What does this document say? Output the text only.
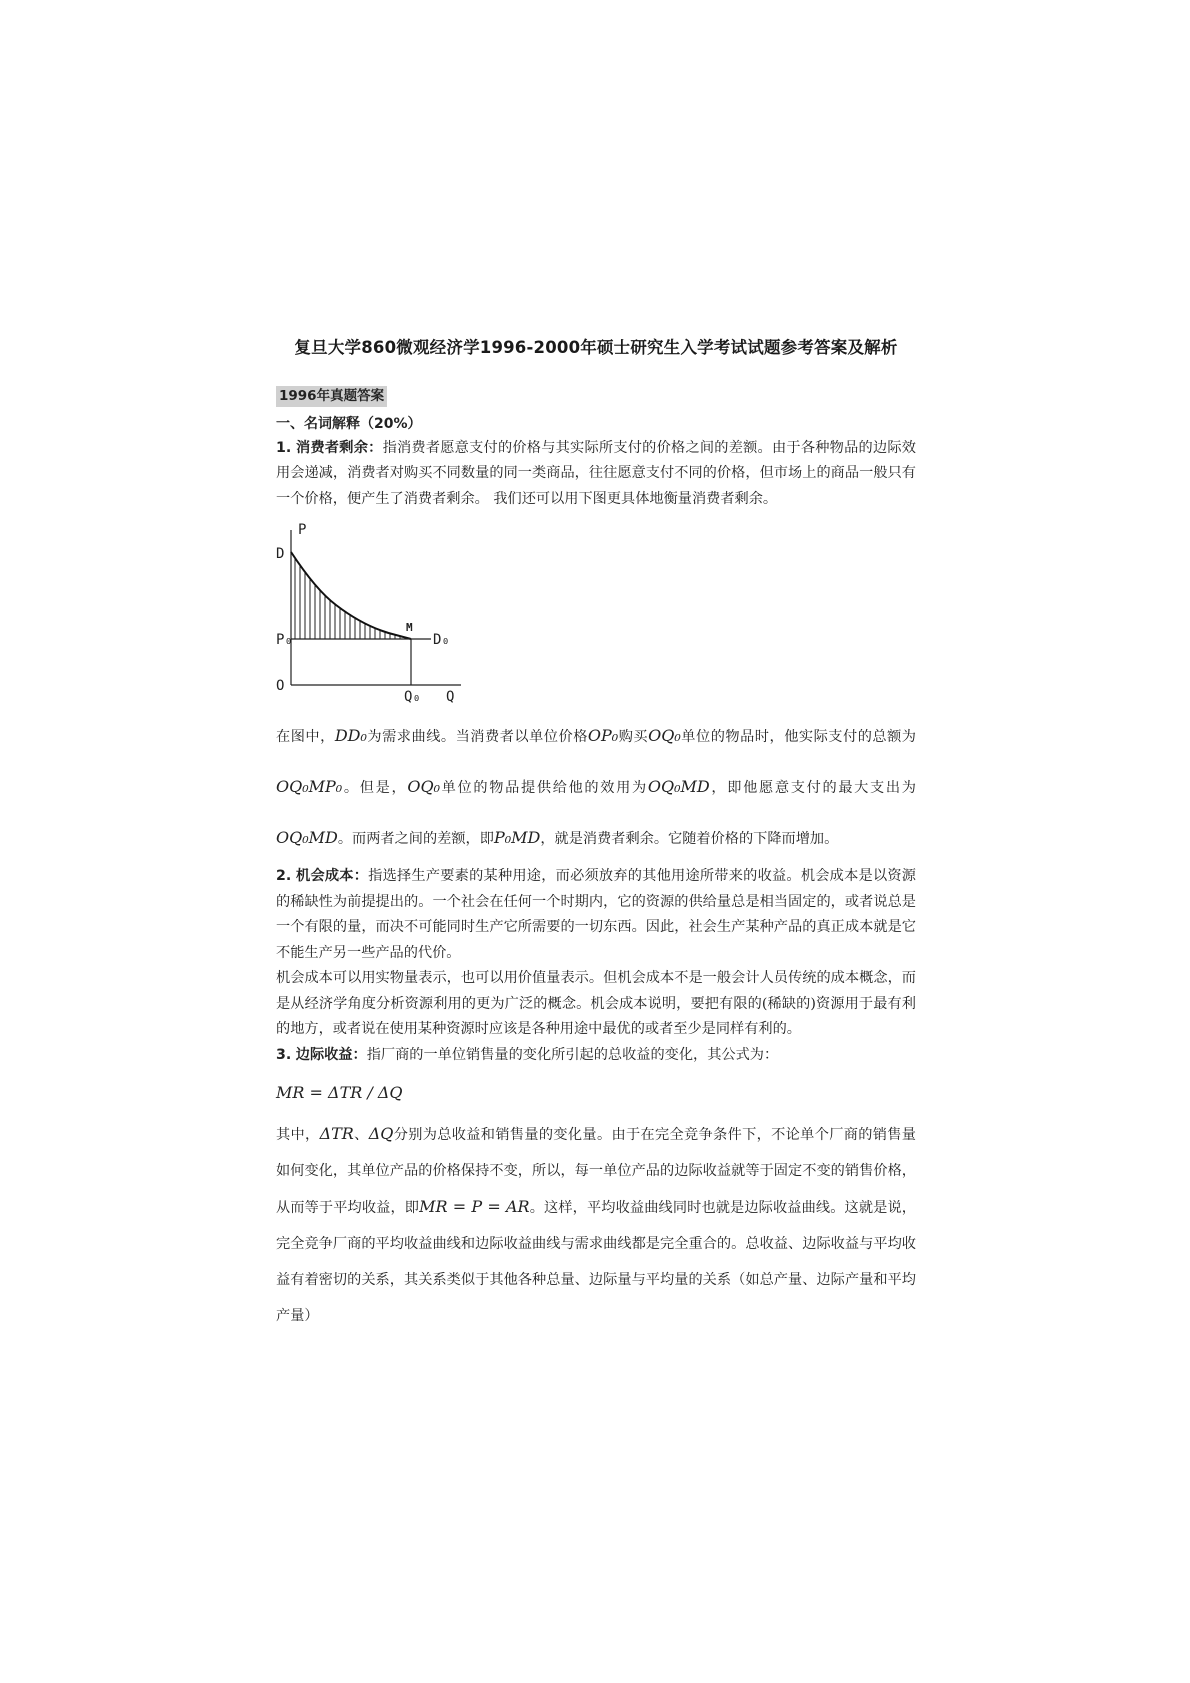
复旦大学860微观经济学1996-2000年硕士研究生入学考试试题参考答案及解析
1996年真题答案
一、名词解释（20%）

1. 消费者剩余：指消费者愿意支付的价格与其实际所支付的价格之间的差额。由于各种物品的边际效用会递减，消费者对购买不同数量的同一类商品，往往愿意支付不同的价格，但市场上的商品一般只有一个价格，便产生了消费者剩余。 我们还可以用下图更具体地衡量消费者剩余。

P
D
M
P₀	D₀
O
Q₀ Q

在图中，DD₀为需求曲线。当消费者以单位价格OP₀购买OQ₀单位的物品时，他实际支付的总额为OQ₀MP₀。但是，OQ₀单位的物品提供给他的效用为OQ₀MD，即他愿意支付的最大支出为OQ₀MD。而两者之间的差额，即P₀MD，就是消费者剩余。它随着价格的下降而增加。

2. 机会成本：指选择生产要素的某种用途，而必须放弃的其他用途所带来的收益。机会成本是以资源的稀缺性为前提提出的。一个社会在任何一个时期内，它的资源的供给量总是相当固定的，或者说总是一个有限的量，而决不可能同时生产它所需要的一切东西。因此，社会生产某种产品的真正成本就是它不能生产另一些产品的代价。

机会成本可以用实物量表示，也可以用价值量表示。但机会成本不是一般会计人员传统的成本概念，而是从经济学角度分析资源利用的更为广泛的概念。机会成本说明，要把有限的(稀缺的)资源用于最有利的地方，或者说在使用某种资源时应该是各种用途中最优的或者至少是同样有利的。

3. 边际收益：指厂商的一单位销售量的变化所引起的总收益的变化，其公式为：

MR = ΔTR / ΔQ

其中，ΔTR、ΔQ分别为总收益和销售量的变化量。由于在完全竞争条件下，不论单个厂商的销售量如何变化，其单位产品的价格保持不变，所以，每一单位产品的边际收益就等于固定不变的销售价格，从而等于平均收益，即MR = P = AR。这样，平均收益曲线同时也就是边际收益曲线。这就是说，完全竞争厂商的平均收益曲线和边际收益曲线与需求曲线都是完全重合的。总收益、边际收益与平均收益有着密切的关系，其关系类似于其他各种总量、边际量与平均量的关系（如总产量、边际产量和平均产量）
